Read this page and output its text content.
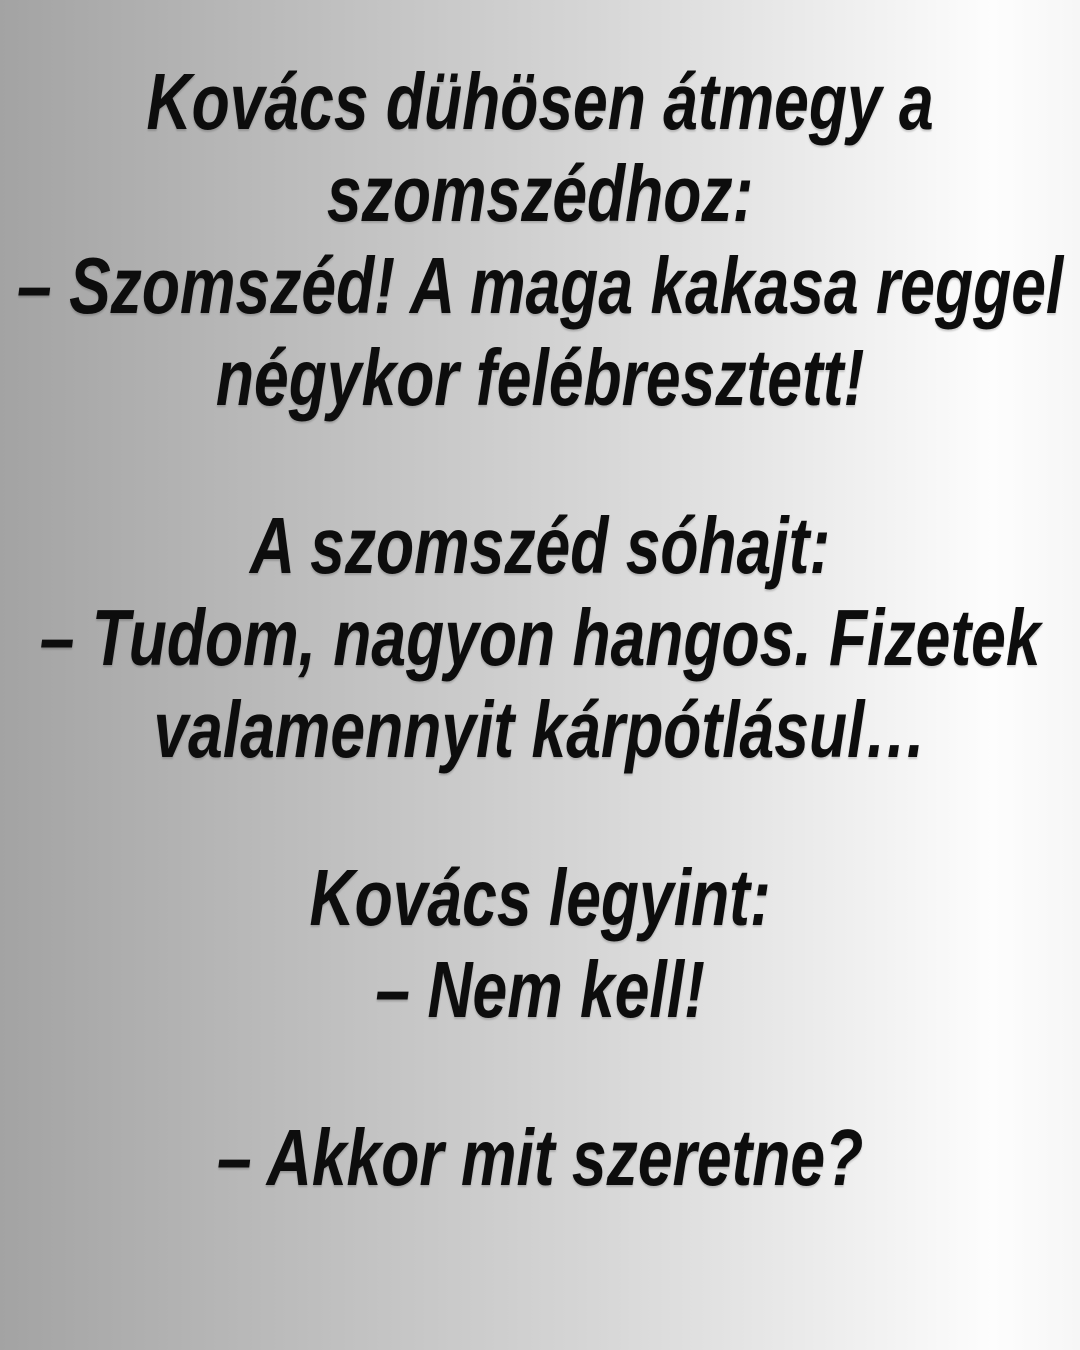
Kovács dühösen átmegy a
szomszédhoz:
– Szomszéd! A maga kakasa reggel
négykor felébresztett!
A szomszéd sóhajt:
– Tudom, nagyon hangos. Fizetek
valamennyit kárpótlásul…
Kovács legyint:
– Nem kell!
– Akkor mit szeretne?
